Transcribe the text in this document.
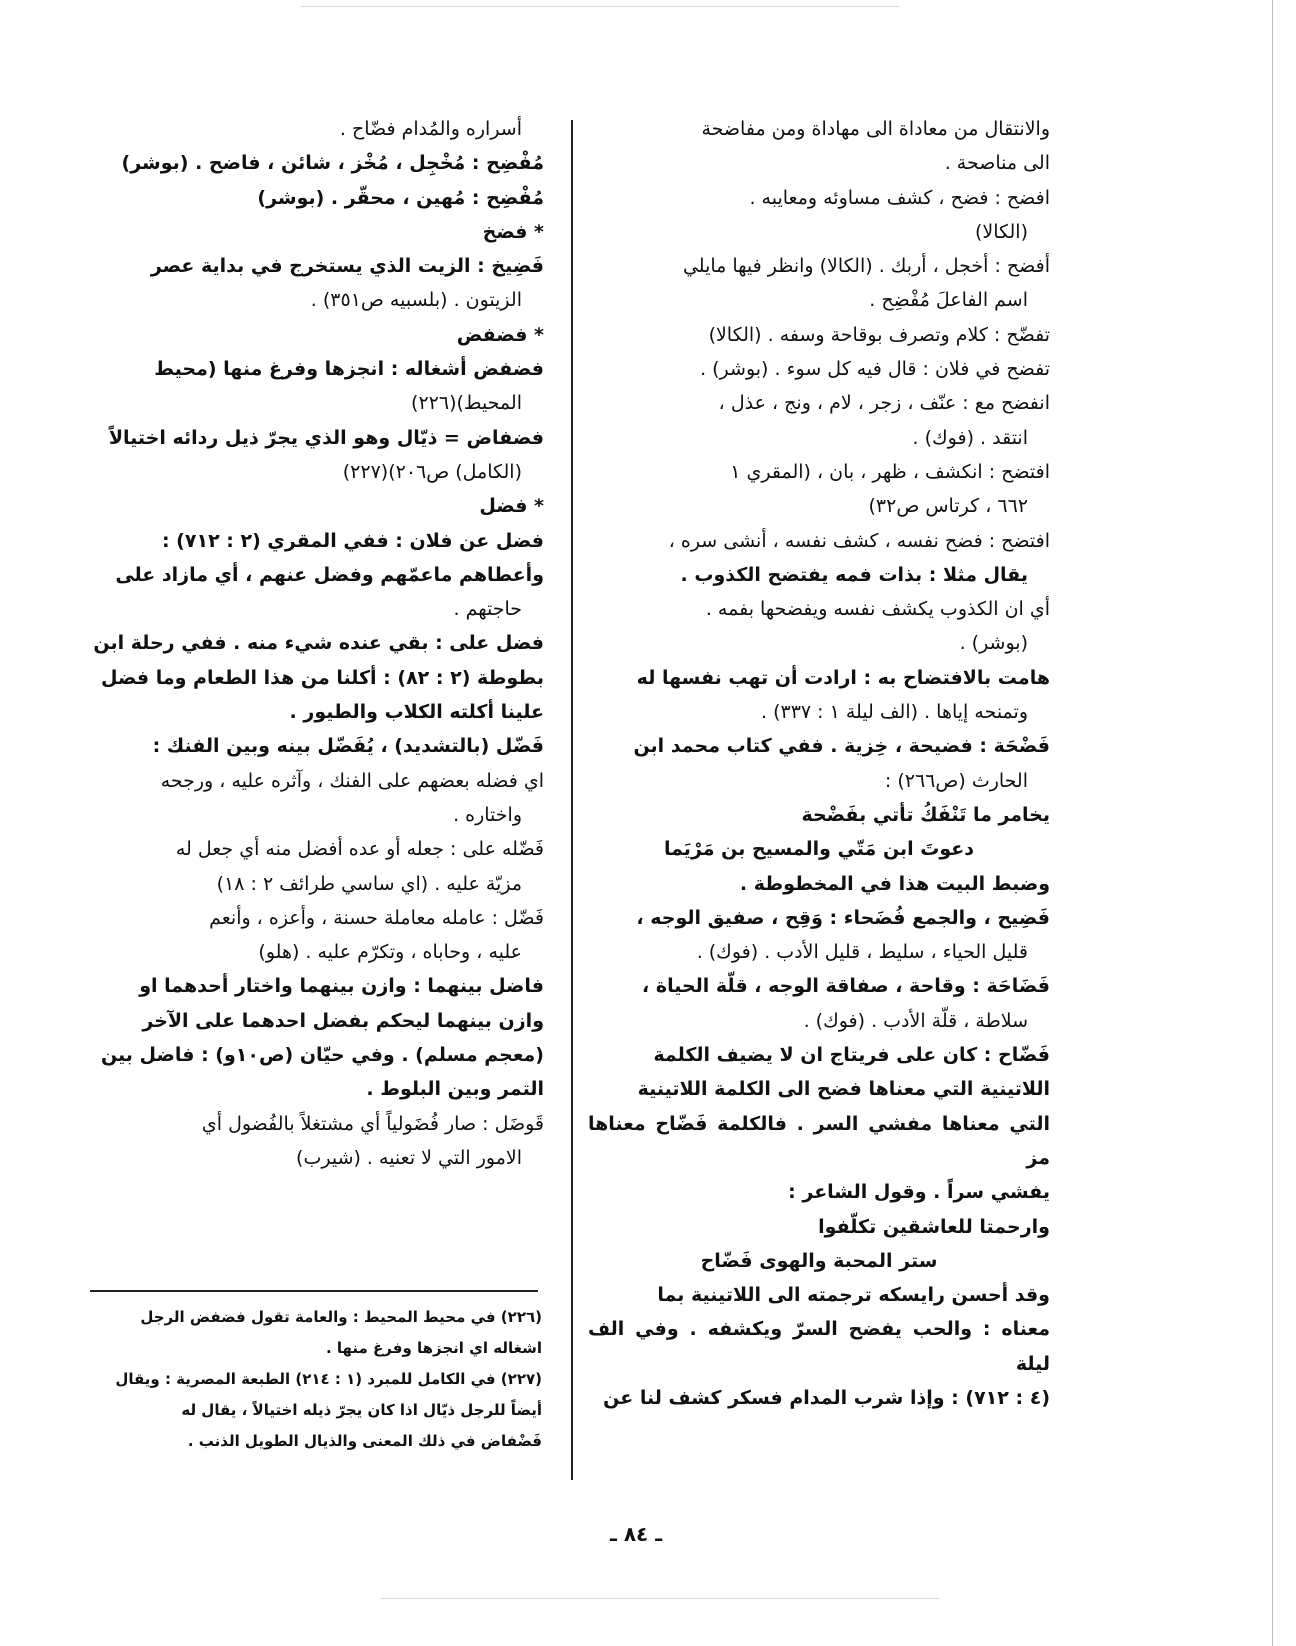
والانتقال من معاداة الى مهاداة ومن مفاضحة

الى مناصحة .

افضح : فضح ، كشف مساوئه ومعايبه .

(الكالا)

أفضح : أخجل ، أربك . (الكالا) وانظر فيها مايلي

اسم الفاعلَ مُفْضِح .

تفضّح : كلام وتصرف بوقاحة وسفه . (الكالا)

تفضح في فلان : قال فيه كل سوء . (بوشر) .

انفضح مع : عنّف ، زجر ، لام ، ونج ، عذل ،

انتقد . (فوك) .

افتضح : انكشف ، ظهر ، بان ، (المقري ١

٦٦٢ ، كرتاس ص٣٢)

افتضح : فضح نفسه ، كشف نفسه ، أنشى سره ،

يقال مثلا : بذات فمه يفتضح الكذوب .

أي ان الكذوب يكشف نفسه ويفضحها بفمه .

(بوشر) .

هامت بالافتضاح به : ارادت أن تهب نفسها له

وتمنحه إياها . (الف ليلة ١ : ٣٣٧) .

فَضْحَة : فضيحة ، خِزية . ففي كتاب محمد ابن

الحارث (ص٢٦٦) :

يخامر ما تَنْفَكُ تأتي بفَضْحة

دعوتَ ابن مَتّي والمسيح بن مَرْيَما

وضبط البيت هذا في المخطوطة .

فَضِيح ، والجمع فُضَحاء : وَقِح ، صفيق الوجه ،

قليل الحياء ، سليط ، قليل الأدب . (فوك) .

فَضَاحَة : وقاحة ، صفاقة الوجه ، قلّة الحياة ،

سلاطة ، قلّة الأدب . (فوك) .

فَضّاح : كان على فريتاج ان لا يضيف الكلمة

اللاتينية التي معناها فضح الى الكلمة اللاتينية

التي معناها مفشي السر . فالكلمة فَضّاح معناها مز

يفشي سراً . وقول الشاعر :

وارحمتا للعاشقين تكلّفوا

ستر المحبة والهوى فَضّاح

وقد أحسن رايسكه ترجمته الى اللاتينية بما

معناه : والحب يفضح السرّ ويكشفه . وفي الف ليلة

(٤ : ٧١٢) : وإذا شرب المدام فسكر كشف لنا عن

أسراره والمُدام فضّاح .

مُفْضِح : مُخْجِل ، مُخْز ، شائن ، فاضح . (بوشر)

مُفْضِح : مُهين ، محقّر . (بوشر)

* فضخ

فَضِيخ : الزيت الذي يستخرج في بداية عصر

الزيتون . (بلسبيه ص٣٥١) .

* فضفض

فضفض أشغاله : انجزها وفرغ منها (محيط

المحيط)(٢٢٦)

فضفاض = ذيّال وهو الذي يجرّ ذيل ردائه اختيالاً

(الكامل) ص٢٠٦)(٢٢٧)

* فضل

فضل عن فلان : ففي المقري (٢ : ٧١٢) :

وأعطاهم ماعمّهم وفضل عنهم ، أي مازاد على

حاجتهم .

فضل على : بقي عنده شيء منه . ففي رحلة ابن

بطوطة (٢ : ٨٢) : أكلنا من هذا الطعام وما فضل

علينا أكلته الكلاب والطيور .

فَضّل (بالتشديد) ، يُفَضّل بينه وبين الفنك :

اي فضله بعضهم على الفنك ، وآثره عليه ، ورجحه

واختاره .

فَضّله على : جعله أو عده أفضل منه أي جعل له

مزيّة عليه . (اي ساسي طرائف ٢ : ١٨)

فَضّل : عامله معاملة حسنة ، وأعزه ، وأنعم

عليه ، وحاباه ، وتكرّم عليه . (هلو)

فاضل بينهما : وازن بينهما واختار أحدهما او

وازن بينهما ليحكم بفضل احدهما على الآخر

(معجم مسلم) . وفي حيّان (ص١٠و) : فاضل بين

التمر وبين البلوط .

قَوضَل : صار فُضَولياً أي مشتغلاً بالفُضول أي

الامور التي لا تعنيه . (شيرب)

(٢٢٦) في محيط المحيط : والعامة تقول فضفض الرجل

اشغاله اي انجزها وفرغ منها .

(٢٢٧) في الكامل للمبرد (١ : ٢١٤) الطبعة المصرية : ويقال

أيضاً للرجل ذيّال اذا كان يجرّ ذيله اختيالاً ، يقال له

فَضْفاض في ذلك المعنى والذيال الطويل الذنب .

ـ ٨٤ ـ
